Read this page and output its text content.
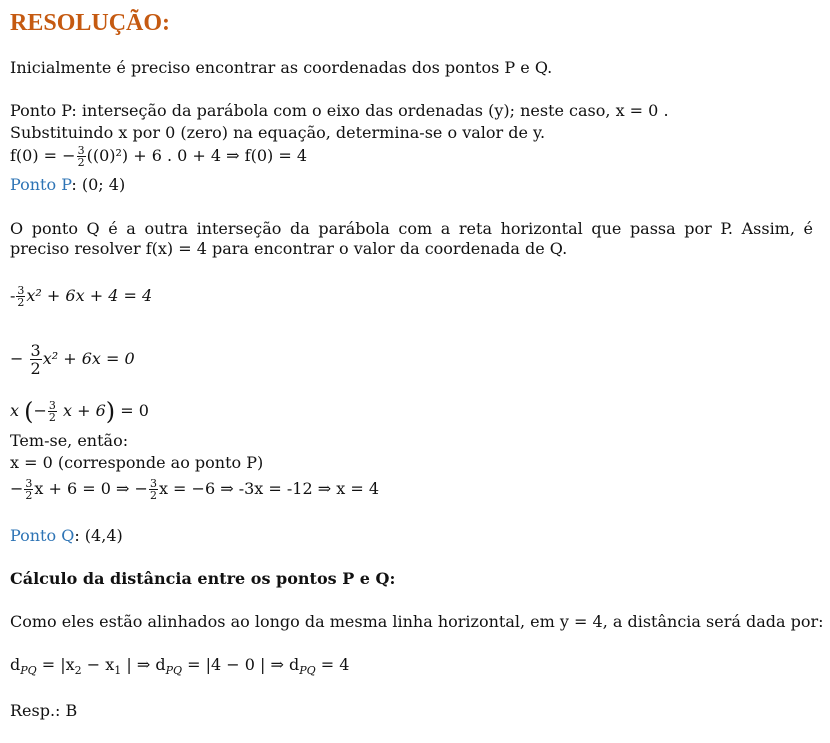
RESOLUÇÃO:
Inicialmente é preciso encontrar as coordenadas dos pontos P e Q.
Ponto P: interseção da parábola com o eixo das ordenadas (y); neste caso, x = 0 .
Substituindo x por 0 (zero) na equação, determina-se o valor de y.
f(0) = − $\frac{3}{2} ((0)^2) + 6$ . 0 + 4 ⇒ f(0) = 4
Ponto P: (0; 4)
O ponto Q é a outra interseção da parábola com a reta horizontal que passa por P. Assim, é preciso resolver f(x) = 4 para encontrar o valor da coordenada de Q.
- $\frac{3}{2} x^2 + 6x + 4 = 4$
− $\frac{3}{2} x^2 + 6x = 0$
x (− $\frac{3}{2}$ x + 6) = 0
Tem-se, então:
x = 0 (corresponde ao ponto P)
− $\frac{3}{2}$ x + 6 = 0 ⇒ − $\frac{3}{2}$ x = −6 ⇒ -3x = -12 ⇒ x = 4
Ponto Q: (4,4)
Cálculo da distância entre os pontos P e Q:
Como eles estão alinhados ao longo da mesma linha horizontal, em y = 4, a distância será dada por:
$d_{PQ} = |x_2 - x_1$ | ⇒ $d_{PQ} = |4 - 0$ | ⇒ $d_{PQ} = 4$
Resp.: B
